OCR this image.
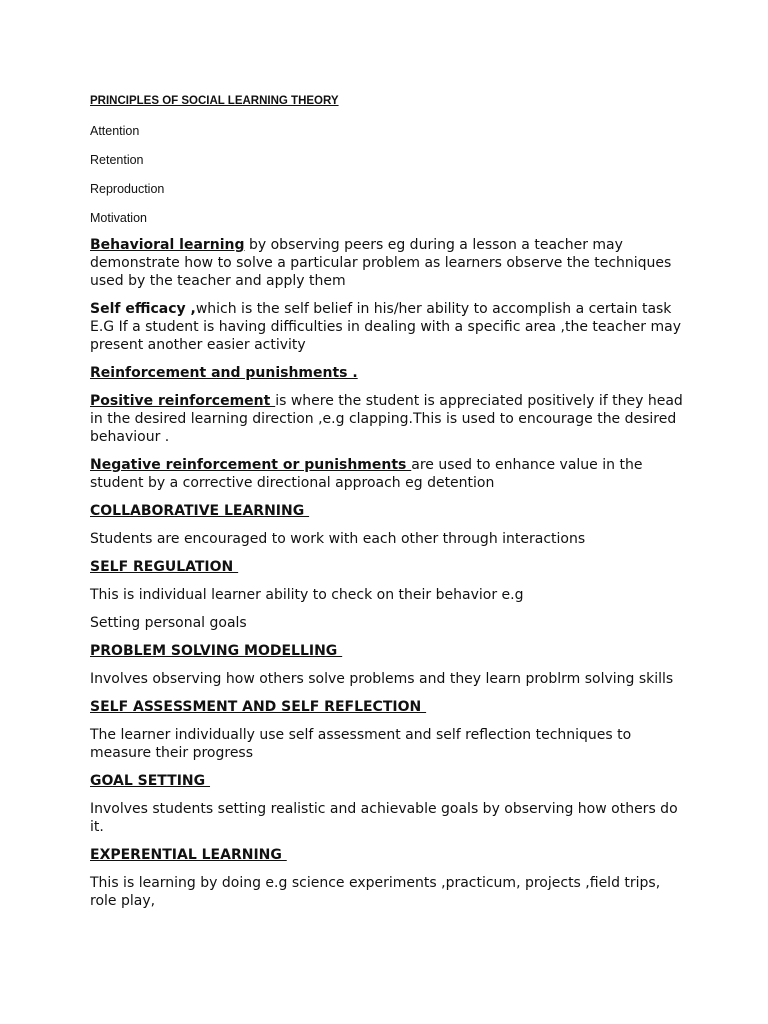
PRINCIPLES OF SOCIAL LEARNING THEORY
Attention
Retention
Reproduction
Motivation

Behavioral learning by observing peers eg during a lesson a teacher may demonstrate how to solve a particular problem as learners observe the techniques used by the teacher and apply them

Self efficacy ,which is the self belief in his/her ability to accomplish a certain task E.G If a student is having difficulties in dealing with a specific area ,the teacher may present another easier activity

Reinforcement and punishments .

Positive reinforcement is where the student is appreciated positively if they head in the desired learning direction ,e.g clapping.This is used to encourage the desired behaviour .

Negative reinforcement or punishments are used to enhance value in the student by a corrective directional approach eg detention

COLLABORATIVE LEARNING

Students are encouraged to work with each other through interactions

SELF REGULATION

This is individual learner ability to check on their behavior e.g

Setting personal goals

PROBLEM SOLVING MODELLING

Involves observing how others solve problems and they learn problrm solving skills

SELF ASSESSMENT AND SELF REFLECTION

The learner individually use self assessment and self reflection techniques to measure their progress

GOAL SETTING

Involves students setting realistic and achievable goals by observing how others do it.

EXPERENTIAL LEARNING

This is learning by doing e.g science experiments ,practicum, projects ,field trips, role play,
